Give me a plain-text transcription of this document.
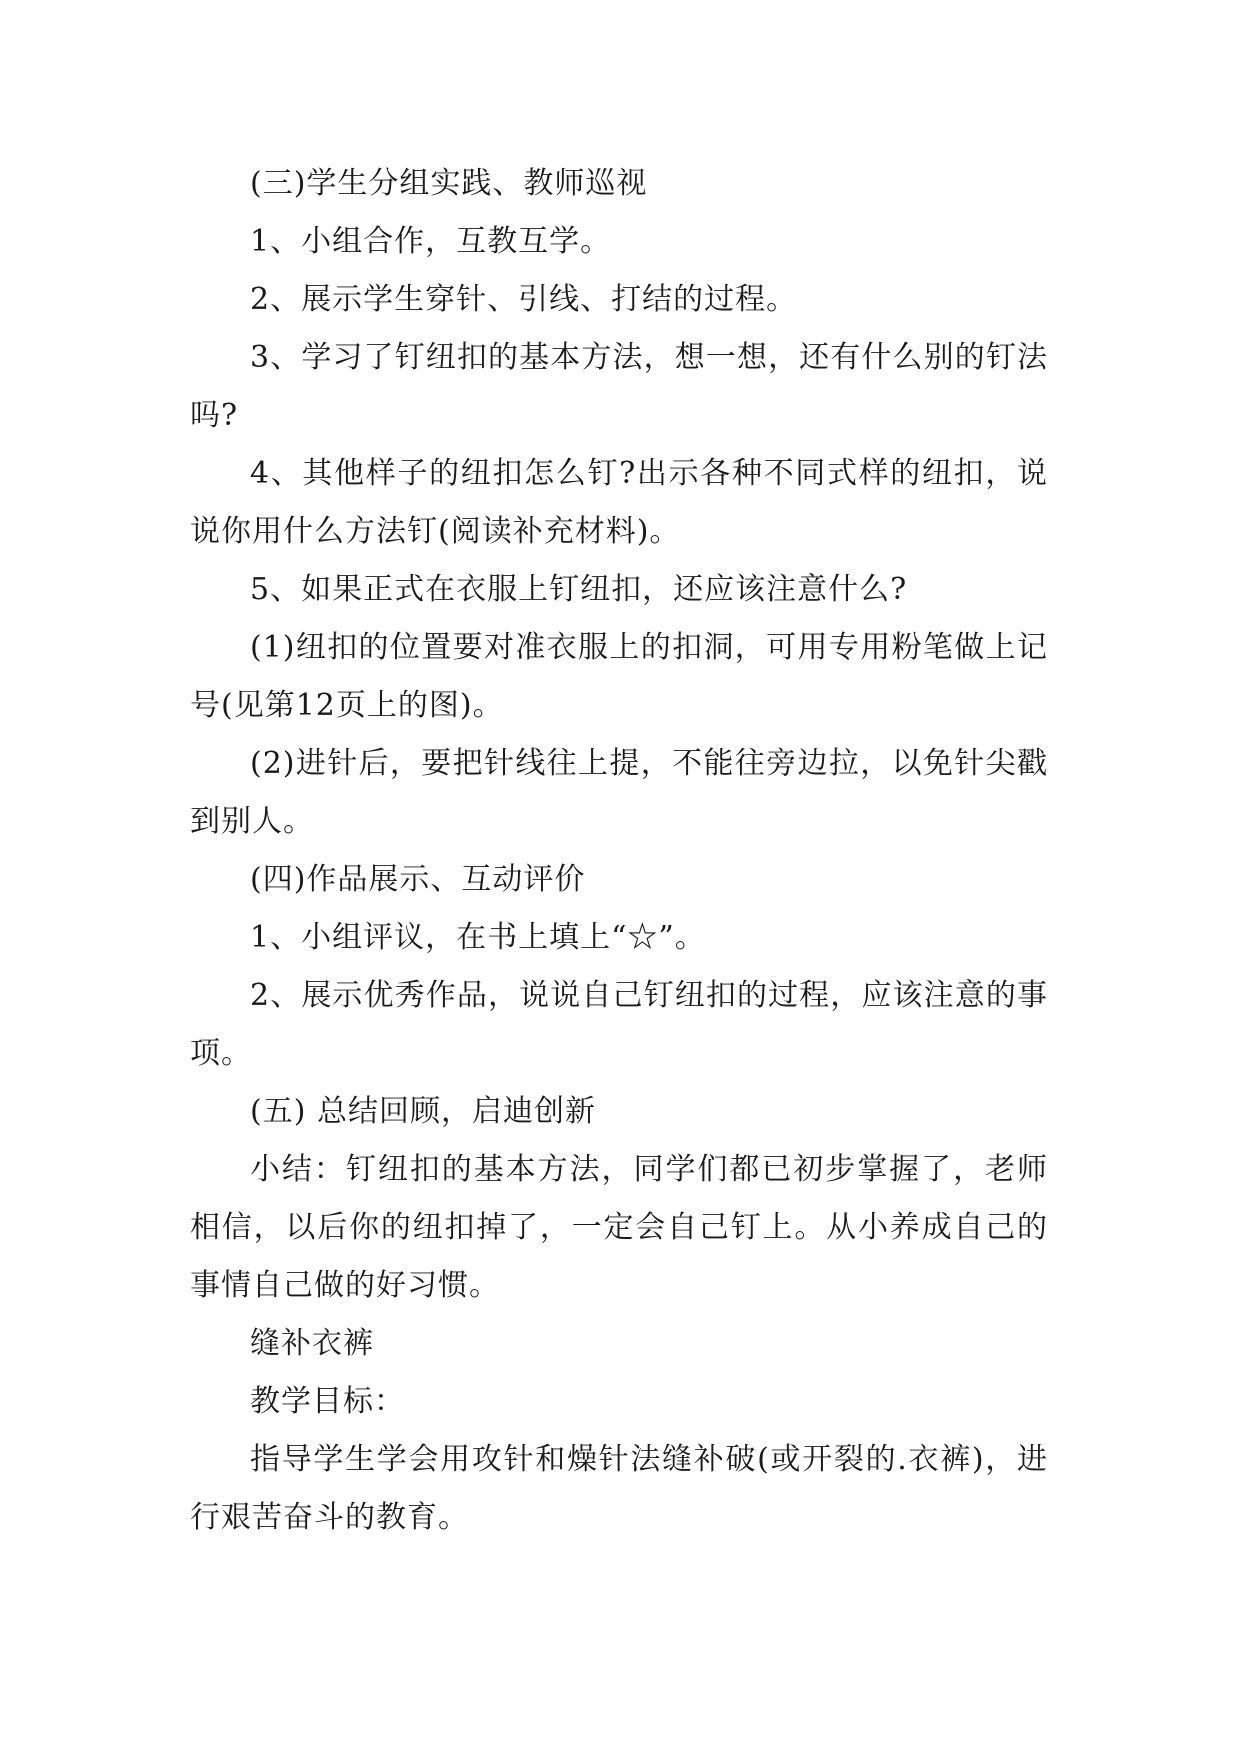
(三)学生分组实践、教师巡视

1、小组合作，互教互学。

2、展示学生穿针、引线、打结的过程。

3、学习了钉纽扣的基本方法，想一想，还有什么别的钉法吗?

4、其他样子的纽扣怎么钉?出示各种不同式样的纽扣，说说你用什么方法钉(阅读补充材料)。

5、如果正式在衣服上钉纽扣，还应该注意什么?

(1)纽扣的位置要对准衣服上的扣洞，可用专用粉笔做上记号(见第12页上的图)。

(2)进针后，要把针线往上提，不能往旁边拉，以免针尖戳到别人。

(四)作品展示、互动评价

1、小组评议，在书上填上“☆”。

2、展示优秀作品，说说自己钉纽扣的过程，应该注意的事项。

(五) 总结回顾，启迪创新

小结：钉纽扣的基本方法，同学们都已初步掌握了，老师相信，以后你的纽扣掉了，一定会自己钉上。从小养成自己的事情自己做的好习惯。

缝补衣裤

教学目标：

指导学生学会用攻针和燥针法缝补破(或开裂的.衣裤)，进行艰苦奋斗的教育。
